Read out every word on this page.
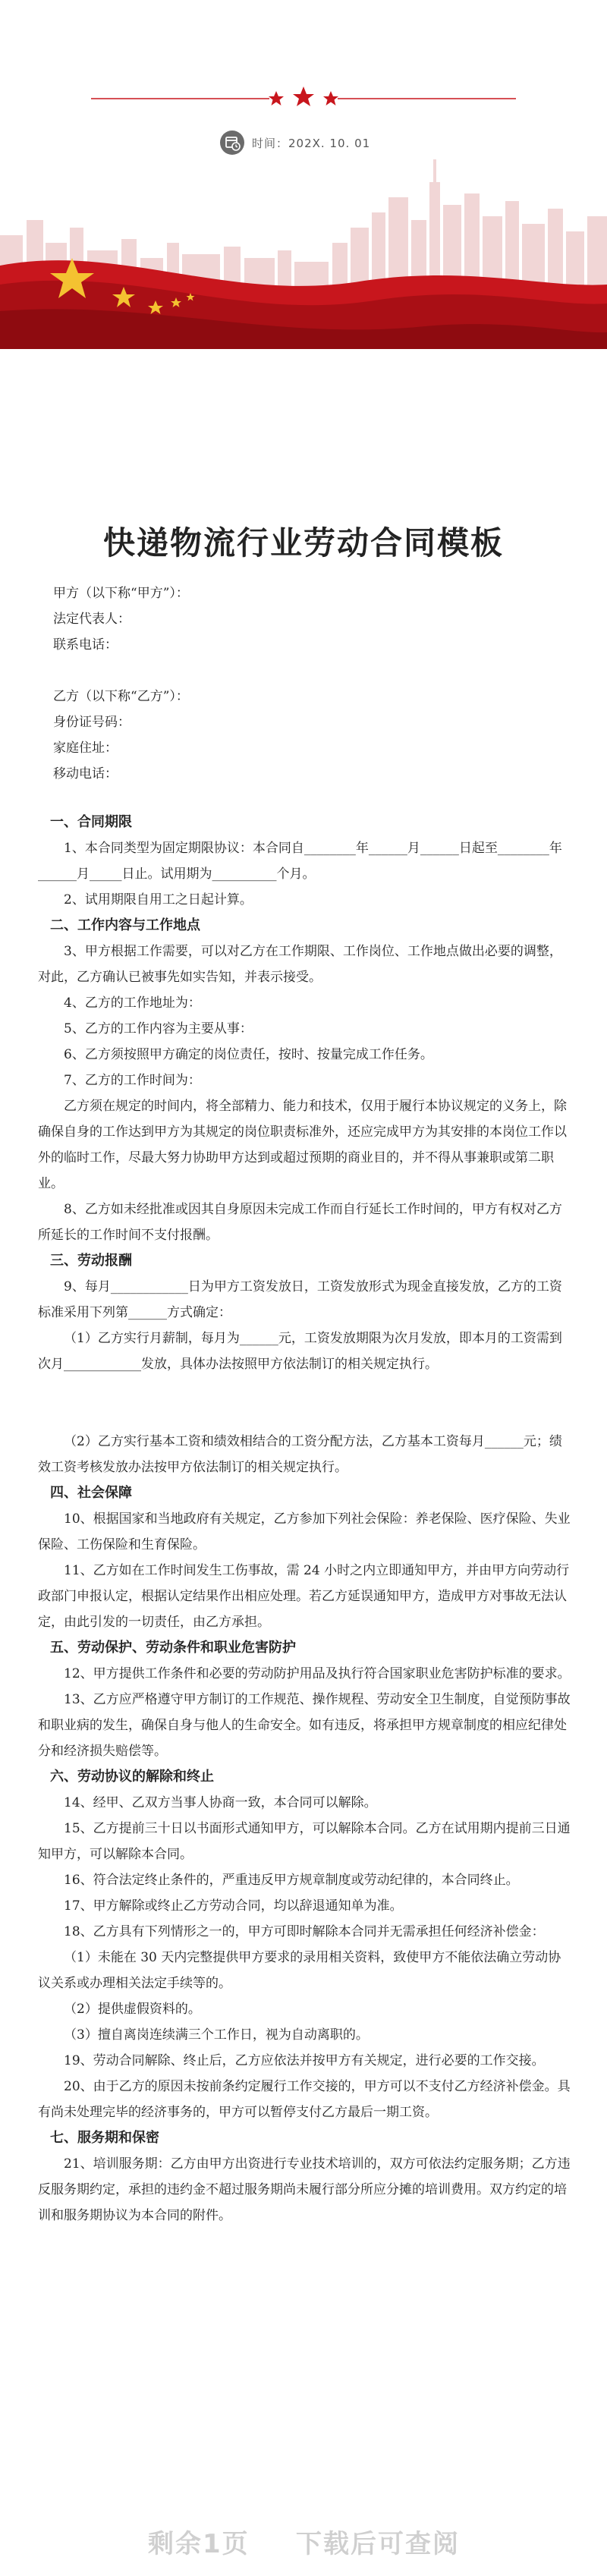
时间：202X. 10. 01
快递物流行业劳动合同模板

甲方（以下称“甲方”）：

法定代表人：

联系电话：

乙方（以下称“乙方”）：

身份证号码：

家庭住址：

移动电话：

一、合同期限

1、本合同类型为固定期限协议：本合同自________年______月______日起至________年______月_____日止。试用期为__________个月。

2、试用期限自用工之日起计算。

二、工作内容与工作地点

3、甲方根据工作需要，可以对乙方在工作期限、工作岗位、工作地点做出必要的调整，对此，乙方确认已被事先如实告知，并表示接受。

4、乙方的工作地址为：

5、乙方的工作内容为主要从事：

6、乙方须按照甲方确定的岗位责任，按时、按量完成工作任务。

7、乙方的工作时间为：

乙方须在规定的时间内，将全部精力、能力和技术，仅用于履行本协议规定的义务上，除确保自身的工作达到甲方为其规定的岗位职责标准外，还应完成甲方为其安排的本岗位工作以外的临时工作，尽最大努力协助甲方达到或超过预期的商业目的，并不得从事兼职或第二职业。

8、乙方如未经批准或因其自身原因未完成工作而自行延长工作时间的，甲方有权对乙方所延长的工作时间不支付报酬。

三、劳动报酬

9、每月____________日为甲方工资发放日，工资发放形式为现金直接发放，乙方的工资标准采用下列第______方式确定：

（1）乙方实行月薪制，每月为______元，工资发放期限为次月发放，即本月的工资需到次月____________发放，具体办法按照甲方依法制订的相关规定执行。

（2）乙方实行基本工资和绩效相结合的工资分配方法，乙方基本工资每月______元；绩效工资考核发放办法按甲方依法制订的相关规定执行。

四、社会保障

10、根据国家和当地政府有关规定，乙方参加下列社会保险：养老保险、医疗保险、失业保险、工伤保险和生育保险。

11、乙方如在工作时间发生工伤事故，需 24 小时之内立即通知甲方，并由甲方向劳动行政部门申报认定，根据认定结果作出相应处理。若乙方延误通知甲方，造成甲方对事故无法认定，由此引发的一切责任，由乙方承担。

五、劳动保护、劳动条件和职业危害防护

12、甲方提供工作条件和必要的劳动防护用品及执行符合国家职业危害防护标准的要求。

13、乙方应严格遵守甲方制订的工作规范、操作规程、劳动安全卫生制度，自觉预防事故和职业病的发生，确保自身与他人的生命安全。如有违反，将承担甲方规章制度的相应纪律处分和经济损失赔偿等。

六、劳动协议的解除和终止

14、经甲、乙双方当事人协商一致，本合同可以解除。

15、乙方提前三十日以书面形式通知甲方，可以解除本合同。乙方在试用期内提前三日通知甲方，可以解除本合同。

16、符合法定终止条件的，严重违反甲方规章制度或劳动纪律的，本合同终止。

17、甲方解除或终止乙方劳动合同，均以辞退通知单为准。

18、乙方具有下列情形之一的，甲方可即时解除本合同并无需承担任何经济补偿金：

（1）未能在 30 天内完整提供甲方要求的录用相关资料，致使甲方不能依法确立劳动协议关系或办理相关法定手续等的。

（2）提供虚假资料的。

（3）擅自离岗连续满三个工作日，视为自动离职的。

19、劳动合同解除、终止后，乙方应依法并按甲方有关规定，进行必要的工作交接。

20、由于乙方的原因未按前条约定履行工作交接的，甲方可以不支付乙方经济补偿金。具有尚未处理完毕的经济事务的，甲方可以暂停支付乙方最后一期工资。

七、服务期和保密

21、培训服务期：乙方由甲方出资进行专业技术培训的，双方可依法约定服务期；乙方违反服务期约定，承担的违约金不超过服务期尚未履行部分所应分摊的培训费用。双方约定的培训和服务期协议为本合同的附件。

剩余1页 下载后可查阅
